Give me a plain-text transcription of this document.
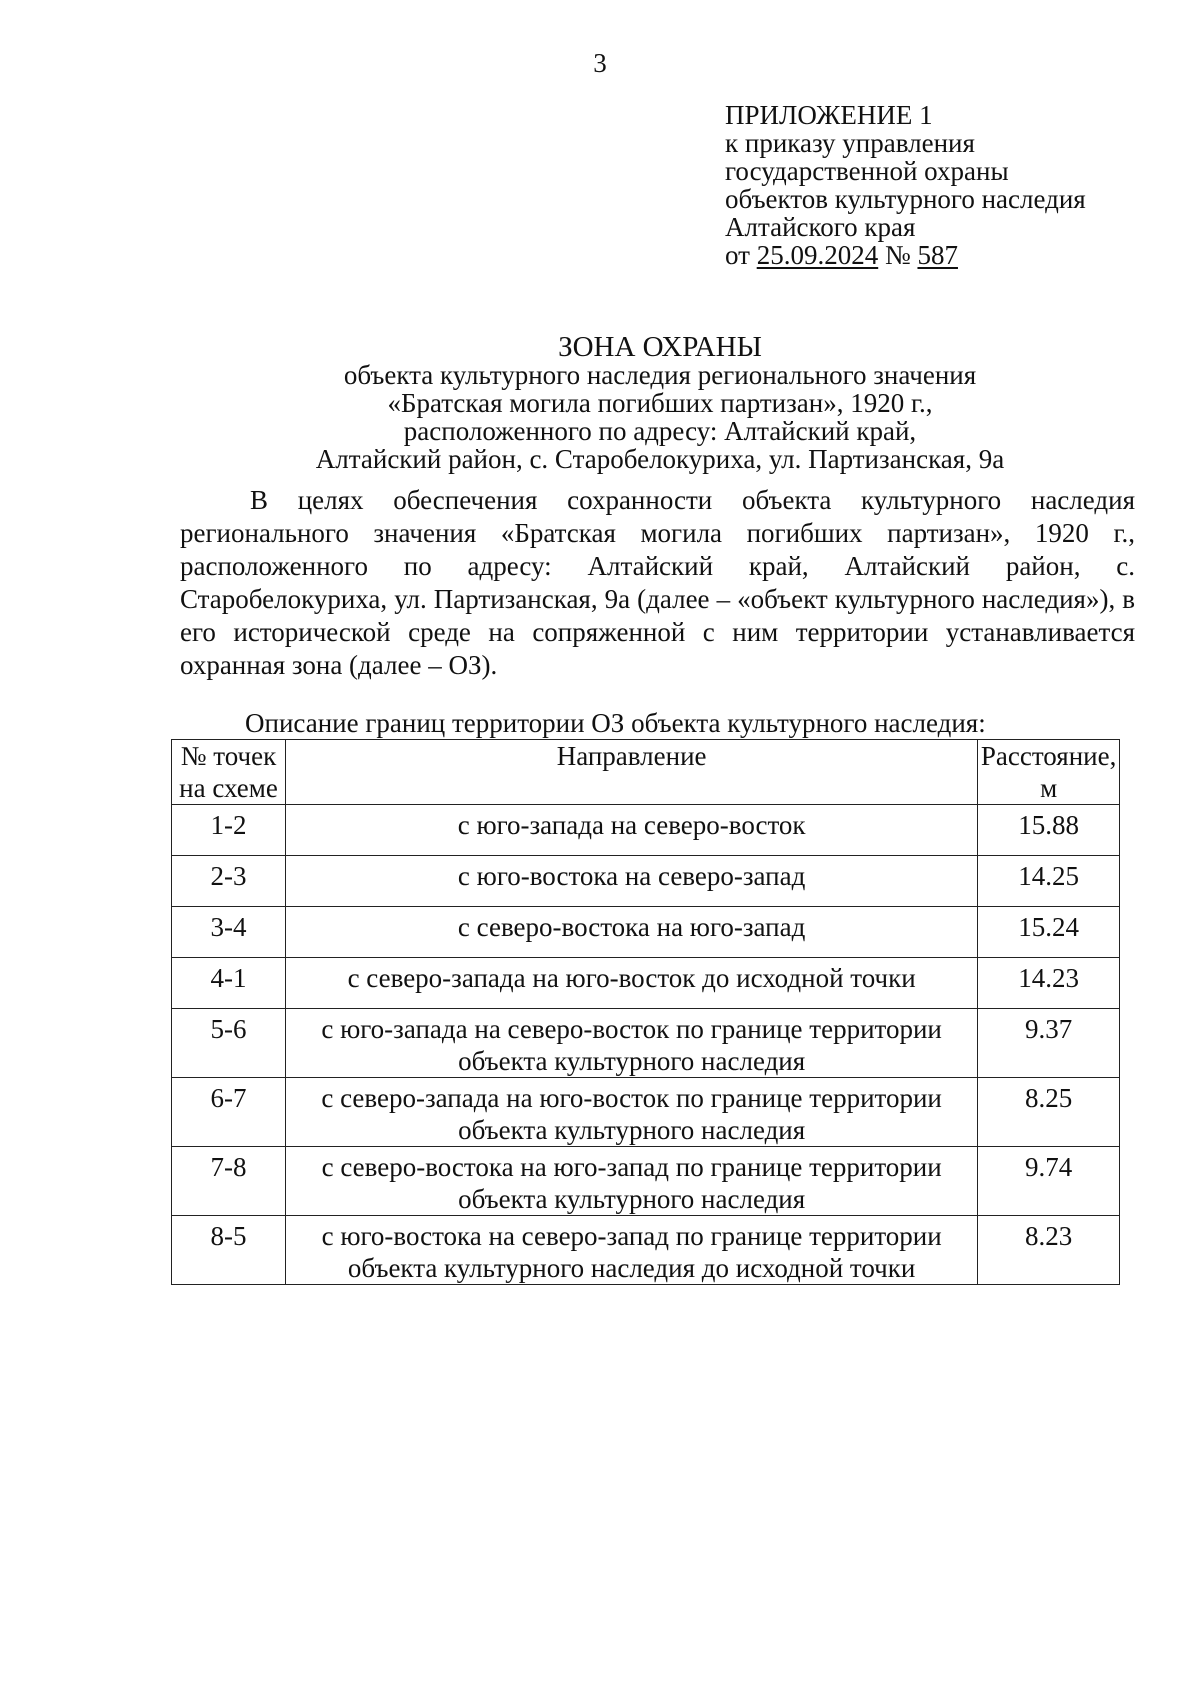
3
ПРИЛОЖЕНИЕ 1
к приказу управления
государственной охраны
объектов культурного наследия
Алтайского края
от 25.09.2024 № 587
ЗОНА ОХРАНЫ
объекта культурного наследия регионального значения
«Братская могила погибших партизан», 1920 г.,
расположенного по адресу: Алтайский край,
Алтайский район, с. Старобелокуриха, ул. Партизанская, 9а

В целях обеспечения сохранности объекта культурного наследия регионального значения «Братская могила погибших партизан», 1920 г., расположенного по адресу: Алтайский край, Алтайский район, с. Старобелокуриха, ул. Партизанская, 9а (далее – «объект культурного наследия»), в его исторической среде на сопряженной с ним территории устанавливается охранная зона (далее – ОЗ).

Описание границ территории ОЗ объекта культурного наследия:
№ точек
на схеме	Направление	Расстояние,
м
1-2	с юго-запада на северо-восток	15.88
2-3	с юго-востока на северо-запад	14.25
3-4	с северо-востока на юго-запад	15.24
4-1	с северо-запада на юго-восток до исходной точки	14.23
5-6	с юго-запада на северо-восток по границе территории
объекта культурного наследия	9.37
6-7	с северо-запада на юго-восток по границе территории
объекта культурного наследия	8.25
7-8	с северо-востока на юго-запад по границе территории
объекта культурного наследия	9.74
8-5	с юго-востока на северо-запад по границе территории
объекта культурного наследия до исходной точки	8.23
